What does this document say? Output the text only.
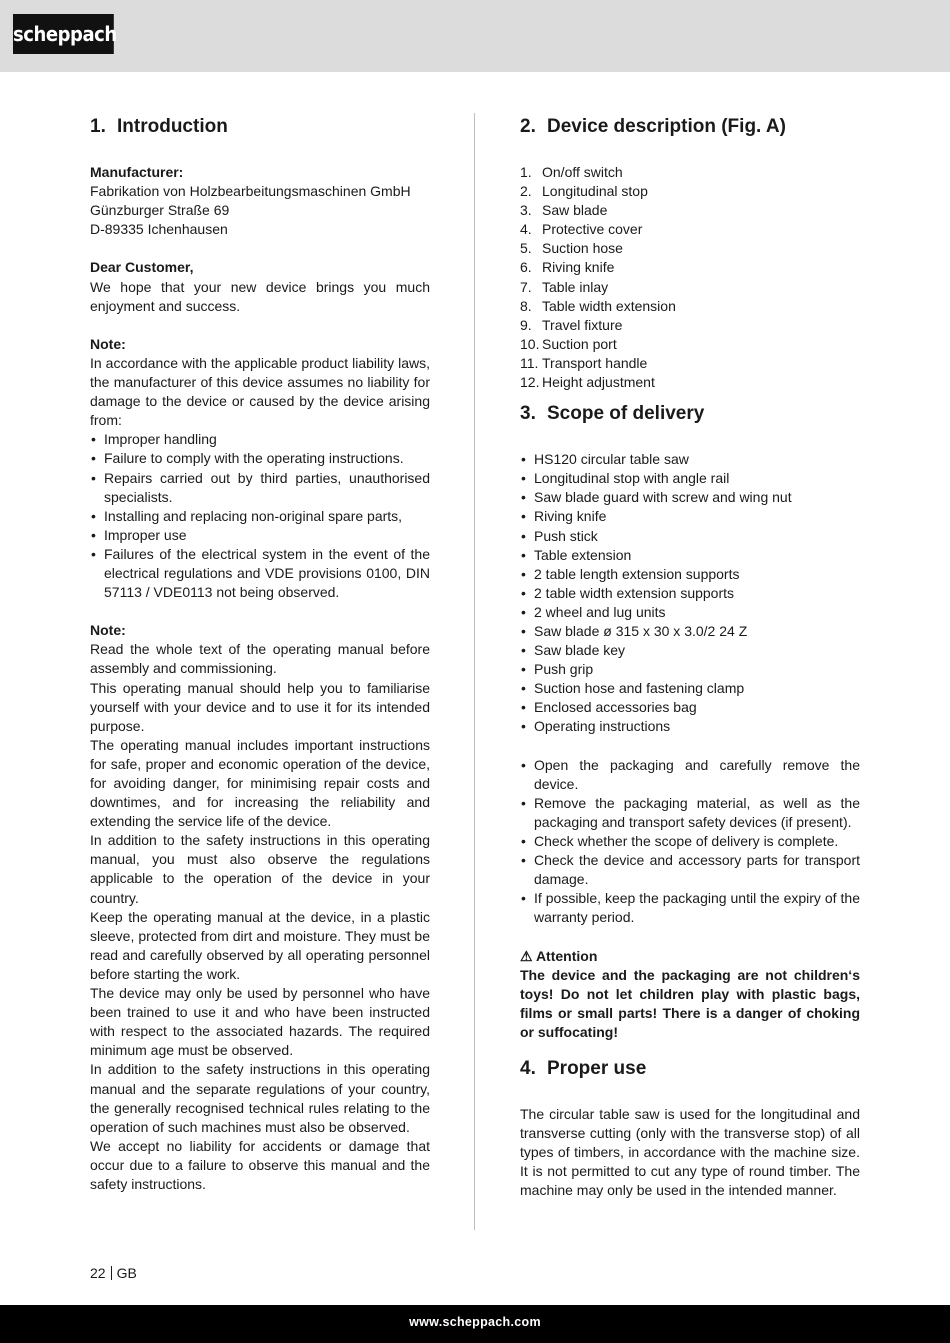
scheppach
1. Introduction

Manufacturer:

Fabrikation von Holzbearbeitungsmaschinen GmbH

Günzburger Straße 69

D-89335 Ichenhausen

Dear Customer,

We hope that your new device brings you much enjoyment and success.

Note:

In accordance with the applicable product liability laws, the manufacturer of this device assumes no liability for damage to the device or caused by the device arising from:

• Improper handling
• Failure to comply with the operating instructions.
• Repairs carried out by third parties, unauthorised specialists.
• Installing and replacing non-original spare parts,
• Improper use
• Failures of the electrical system in the event of the electrical regulations and VDE provisions 0100, DIN 57113 / VDE0113 not being observed.

Note:

Read the whole text of the operating manual before assembly and commissioning.

This operating manual should help you to familiarise yourself with your device and to use it for its intended purpose.

The operating manual includes important instructions for safe, proper and economic operation of the device, for avoiding danger, for minimising repair costs and downtimes, and for increasing the reliability and extending the service life of the device.

In addition to the safety instructions in this operating manual, you must also observe the regulations applicable to the operation of the device in your country.

Keep the operating manual at the device, in a plastic sleeve, protected from dirt and moisture. They must be read and carefully observed by all operating personnel before starting the work.

The device may only be used by personnel who have been trained to use it and who have been instructed with respect to the associated hazards. The required minimum age must be observed.

In addition to the safety instructions in this operating manual and the separate regulations of your country, the generally recognised technical rules relating to the operation of such machines must also be observed.

We accept no liability for accidents or damage that occur due to a failure to observe this manual and the safety instructions.

2. Device description (Fig. A)
1. On/off switch
2. Longitudinal stop
3. Saw blade
4. Protective cover
5. Suction hose
6. Riving knife
7. Table inlay
8. Table width extension
9. Travel fixture
10. Suction port
11. Transport handle
12. Height adjustment
3. Scope of delivery
• HS120 circular table saw
• Longitudinal stop with angle rail
• Saw blade guard with screw and wing nut
• Riving knife
• Push stick
• Table extension
• 2 table length extension supports
• 2 table width extension supports
• 2 wheel and lug units
• Saw blade ø 315 x 30 x 3.0/2 24 Z
• Saw blade key
• Push grip
• Suction hose and fastening clamp
• Enclosed accessories bag
• Operating instructions
• Open the packaging and carefully remove the device.
• Remove the packaging material, as well as the packaging and transport safety devices (if present).
• Check whether the scope of delivery is complete.
• Check the device and accessory parts for transport damage.
• If possible, keep the packaging until the expiry of the warranty period.

⚠ Attention

The device and the packaging are not children‘s toys! Do not let children play with plastic bags, films or small parts! There is a danger of choking or suffocating!

4. Proper use

The circular table saw is used for the longitudinal and transverse cutting (only with the transverse stop) of all types of timbers, in accordance with the machine size. It is not permitted to cut any type of round timber. The machine may only be used in the intended manner.

22 GB
www.scheppach.com
